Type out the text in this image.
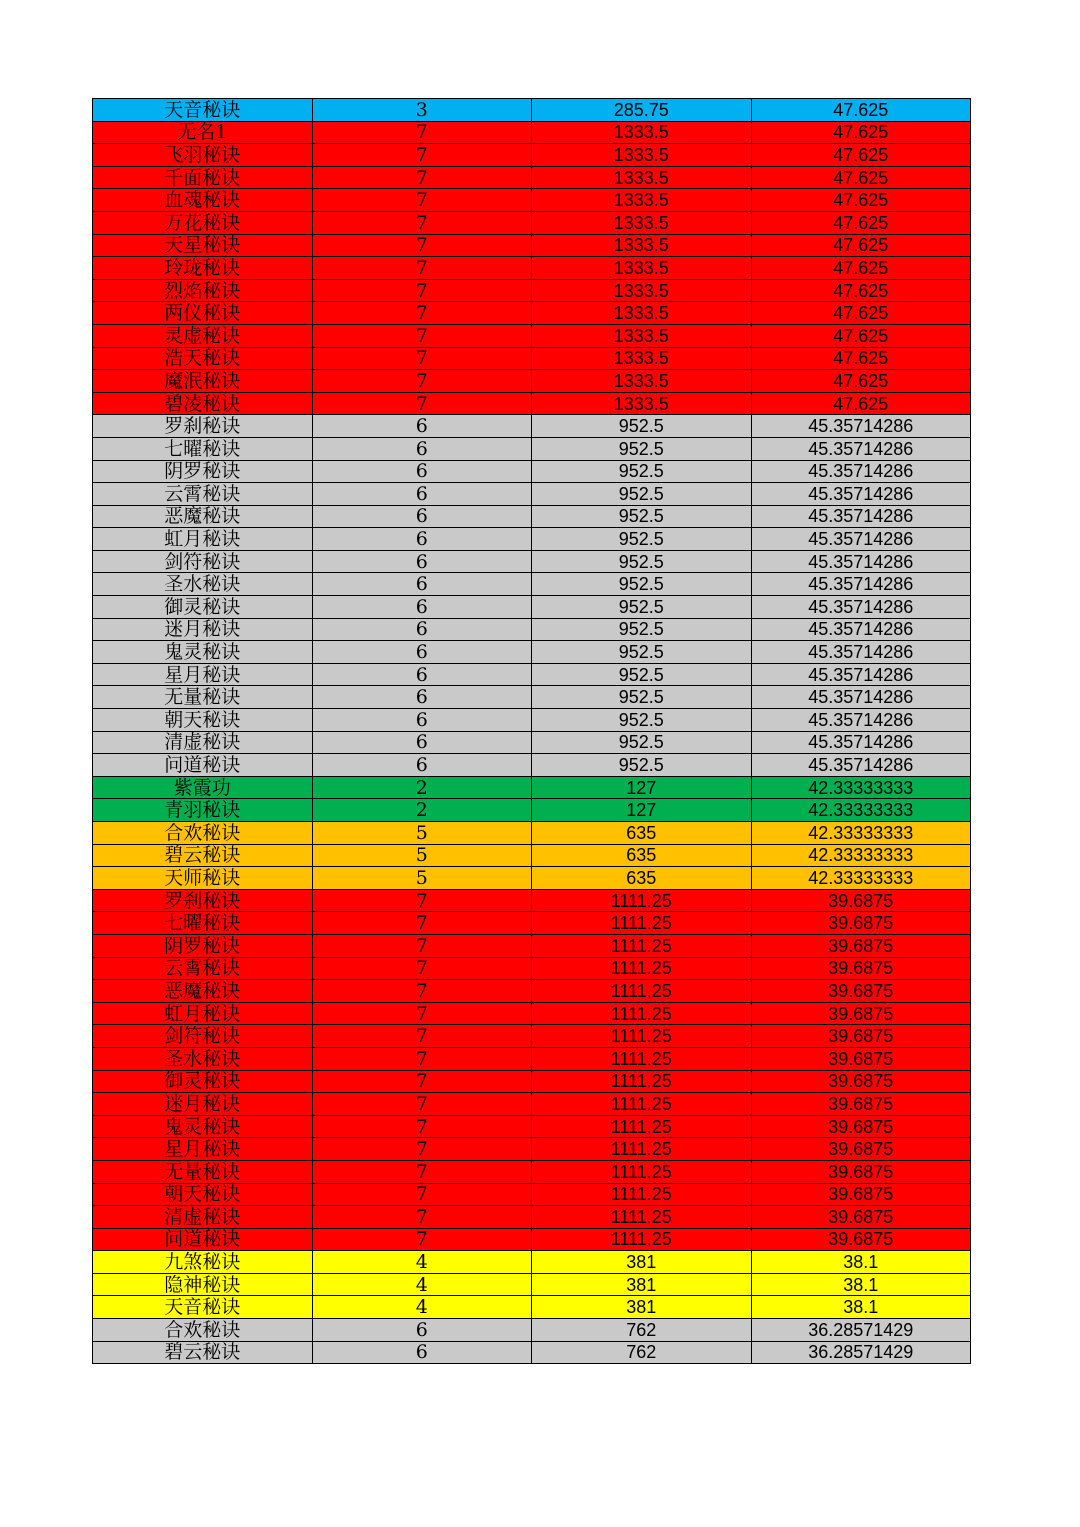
天音秘诀	3	285.75	47.625
无名1	7	1333.5	47.625
飞羽秘诀	7	1333.5	47.625
千面秘诀	7	1333.5	47.625
血魂秘诀	7	1333.5	47.625
万花秘诀	7	1333.5	47.625
天星秘诀	7	1333.5	47.625
玲珑秘诀	7	1333.5	47.625
烈焰秘诀	7	1333.5	47.625
两仪秘诀	7	1333.5	47.625
灵虚秘诀	7	1333.5	47.625
浩天秘诀	7	1333.5	47.625
魔泯秘诀	7	1333.5	47.625
碧凌秘诀	7	1333.5	47.625
罗刹秘诀	6	952.5	45.35714286
七曜秘诀	6	952.5	45.35714286
阴罗秘诀	6	952.5	45.35714286
云霄秘诀	6	952.5	45.35714286
恶魔秘诀	6	952.5	45.35714286
虹月秘诀	6	952.5	45.35714286
剑符秘诀	6	952.5	45.35714286
圣水秘诀	6	952.5	45.35714286
御灵秘诀	6	952.5	45.35714286
迷月秘诀	6	952.5	45.35714286
鬼灵秘诀	6	952.5	45.35714286
星月秘诀	6	952.5	45.35714286
无量秘诀	6	952.5	45.35714286
朝天秘诀	6	952.5	45.35714286
清虚秘诀	6	952.5	45.35714286
问道秘诀	6	952.5	45.35714286
紫霞功	2	127	42.33333333
青羽秘诀	2	127	42.33333333
合欢秘诀	5	635	42.33333333
碧云秘诀	5	635	42.33333333
天师秘诀	5	635	42.33333333
罗刹秘诀	7	1111.25	39.6875
七曜秘诀	7	1111.25	39.6875
阴罗秘诀	7	1111.25	39.6875
云霄秘诀	7	1111.25	39.6875
恶魔秘诀	7	1111.25	39.6875
虹月秘诀	7	1111.25	39.6875
剑符秘诀	7	1111.25	39.6875
圣水秘诀	7	1111.25	39.6875
御灵秘诀	7	1111.25	39.6875
迷月秘诀	7	1111.25	39.6875
鬼灵秘诀	7	1111.25	39.6875
星月秘诀	7	1111.25	39.6875
无量秘诀	7	1111.25	39.6875
朝天秘诀	7	1111.25	39.6875
清虚秘诀	7	1111.25	39.6875
问道秘诀	7	1111.25	39.6875
九煞秘诀	4	381	38.1
隐神秘诀	4	381	38.1
天音秘诀	4	381	38.1
合欢秘诀	6	762	36.28571429
碧云秘诀	6	762	36.28571429
